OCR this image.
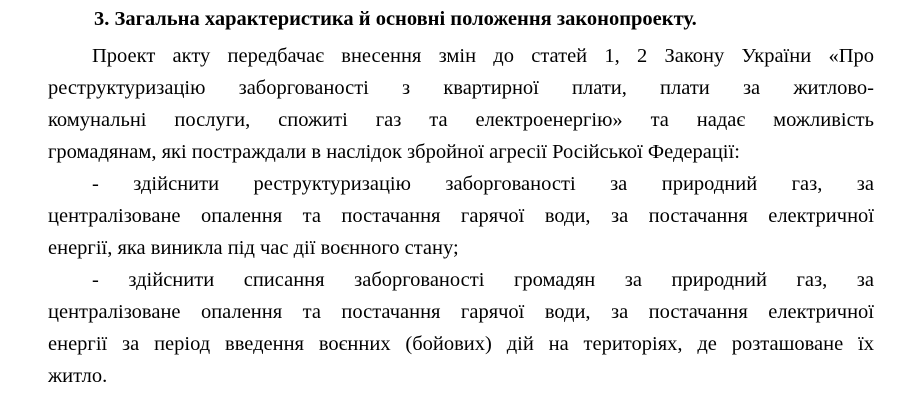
3. Загальна характеристика й основні положення законопроекту.
Проект акту передбачає внесення змін до статей 1, 2 Закону України «Про
реструктуризацію заборгованості з квартирної плати, плати за житлово-
комунальні послуги, спожиті газ та електроенергію» та надає можливість
громадянам, які постраждали в наслідок збройної агресії Російської Федерації:
- здійснити реструктуризацію заборгованості за природний газ, за
централізоване опалення та постачання гарячої води, за постачання електричної
енергії, яка виникла під час дії воєнного стану;
- здійснити списання заборгованості громадян за природний газ, за
централізоване опалення та постачання гарячої води, за постачання електричної
енергії за період введення воєнних (бойових) дій на територіях, де розташоване їх
житло.
